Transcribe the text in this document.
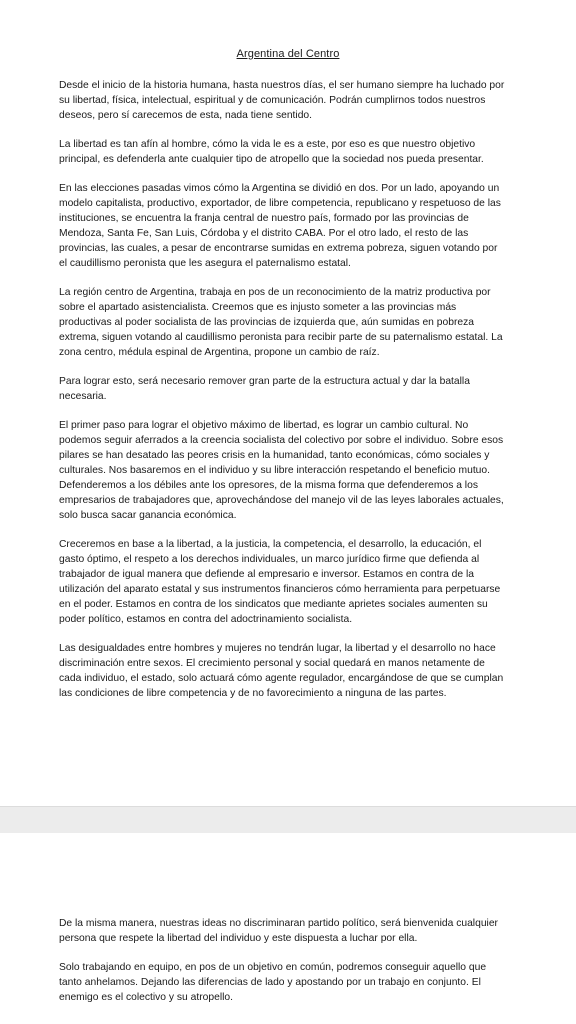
Argentina del Centro

Desde el inicio de la historia humana, hasta nuestros días, el ser humano siempre ha luchado por su libertad, física, intelectual, espiritual y de comunicación. Podrán cumplirnos todos nuestros deseos, pero sí carecemos de esta, nada tiene sentido.

La libertad es tan afín al hombre, cómo la vida le es a este, por eso es que nuestro objetivo principal, es defenderla ante cualquier tipo de atropello que la sociedad nos pueda presentar.

En las elecciones pasadas vimos cómo la Argentina se dividió en dos. Por un lado, apoyando un modelo capitalista, productivo, exportador, de libre competencia, republicano y respetuoso de las instituciones, se encuentra la franja central de nuestro país, formado por las provincias de Mendoza, Santa Fe, San Luis, Córdoba y el distrito CABA. Por el otro lado, el resto de las provincias, las cuales, a pesar de encontrarse sumidas en extrema pobreza, siguen votando por el caudillismo peronista que les asegura el paternalismo estatal.

La región centro de Argentina, trabaja en pos de un reconocimiento de la matriz productiva por sobre el apartado asistencialista. Creemos que es injusto someter a las provincias más productivas al poder socialista de las provincias de izquierda que, aún sumidas en pobreza extrema, siguen votando al caudillismo peronista para recibir parte de su paternalismo estatal. La zona centro, médula espinal de Argentina, propone un cambio de raíz.

Para lograr esto, será necesario remover gran parte de la estructura actual y dar la batalla necesaria.

El primer paso para lograr el objetivo máximo de libertad, es lograr un cambio cultural. No podemos seguir aferrados a la creencia socialista del colectivo por sobre el individuo. Sobre esos pilares se han desatado las peores crisis en la humanidad, tanto económicas, cómo sociales y culturales. Nos basaremos en el individuo y su libre interacción respetando el beneficio mutuo. Defenderemos a los débiles ante los opresores, de la misma forma que defenderemos a los empresarios de trabajadores que, aprovechándose del manejo vil de las leyes laborales actuales, solo busca sacar ganancia económica.

Creceremos en base a la libertad, a la justicia, la competencia, el desarrollo, la educación, el gasto óptimo, el respeto a los derechos individuales, un marco jurídico firme que defienda al trabajador de igual manera que defiende al empresario e inversor. Estamos en contra de la utilización del aparato estatal y sus instrumentos financieros cómo herramienta para perpetuarse en el poder. Estamos en contra de los sindicatos que mediante aprietes sociales aumenten su poder político, estamos en contra del adoctrinamiento socialista.

Las desigualdades entre hombres y mujeres no tendrán lugar, la libertad y el desarrollo no hace discriminación entre sexos. El crecimiento personal y social quedará en manos netamente de cada individuo, el estado, solo actuará cómo agente regulador, encargándose de que se cumplan las condiciones de libre competencia y de no favorecimiento a ninguna de las partes.

De la misma manera, nuestras ideas no discriminaran partido político, será bienvenida cualquier persona que respete la libertad del individuo y este dispuesta a luchar por ella.

Solo trabajando en equipo, en pos de un objetivo en común, podremos conseguir aquello que tanto anhelamos. Dejando las diferencias de lado y apostando por un trabajo en conjunto. El enemigo es el colectivo y su atropello.
